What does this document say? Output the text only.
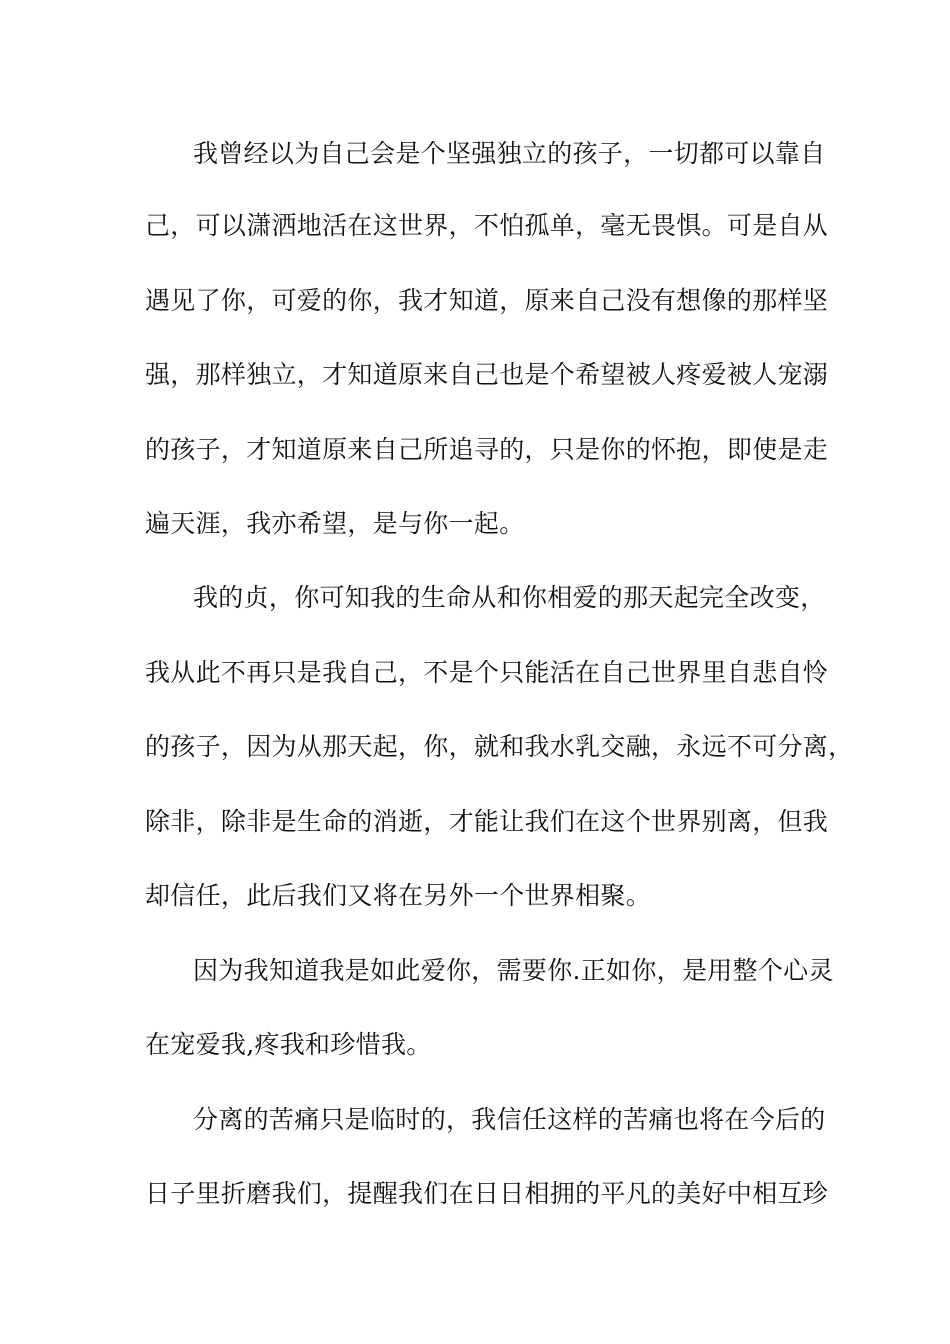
我曾经以为自己会是个坚强独立的孩子，一切都可以靠自
己，可以潇洒地活在这世界，不怕孤单，毫无畏惧。可是自从
遇见了你，可爱的你，我才知道，原来自己没有想像的那样坚
强，那样独立，才知道原来自己也是个希望被人疼爱被人宠溺
的孩子，才知道原来自己所追寻的，只是你的怀抱，即使是走
遍天涯，我亦希望，是与你一起。
我的贞，你可知我的生命从和你相爱的那天起完全改变，
我从此不再只是我自己，不是个只能活在自己世界里自悲自怜
的孩子，因为从那天起，你，就和我水乳交融，永远不可分离，
除非，除非是生命的消逝，才能让我们在这个世界别离，但我
却信任，此后我们又将在另外一个世界相聚。
因为我知道我是如此爱你，需要你.正如你，是用整个心灵
在宠爱我,疼我和珍惜我。
分离的苦痛只是临时的，我信任这样的苦痛也将在今后的
日子里折磨我们，提醒我们在日日相拥的平凡的美好中相互珍
